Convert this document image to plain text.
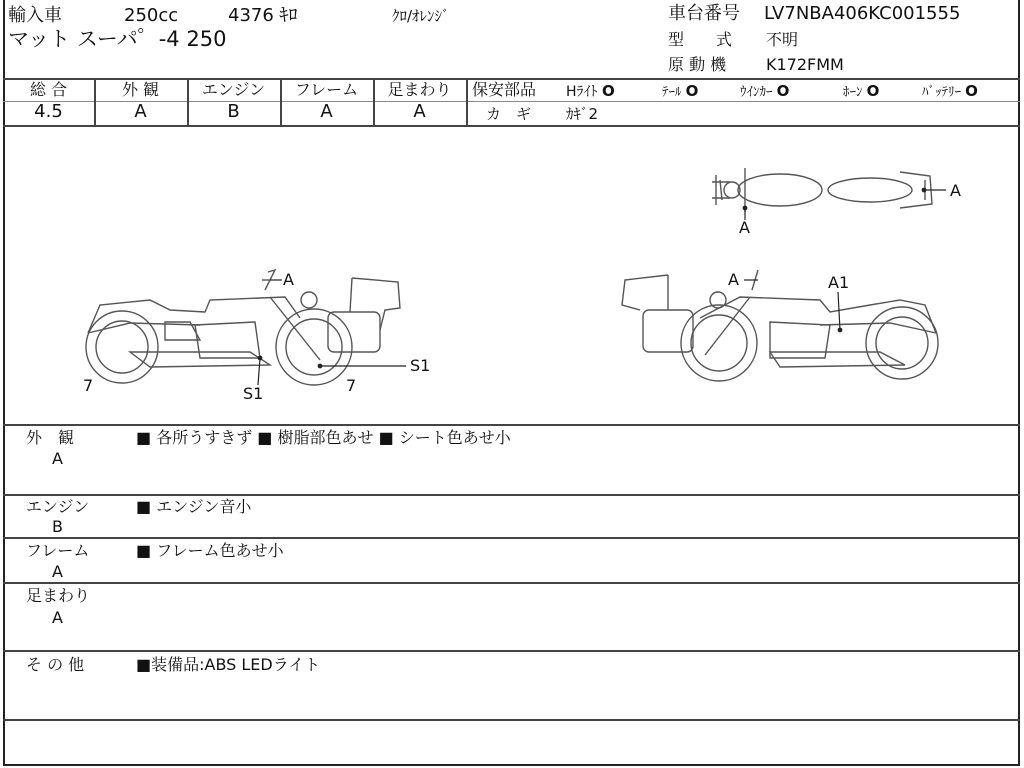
輸入車	250cc	4376 ｷﾛ	ｸﾛ/ｵﾚﾝｼﾞ
マット スーパ゜-4 250
車台番号 LV7NBA406KC001555
型　　式 不明
原 動 機 K172FMM
総 合	外 観	エンジン	フレーム	足まわり
4.5	A	B	A	A
保安部品 Hﾗｲﾄ O	ﾃｰﾙ O	ｳｲﾝｶｰ O	ﾎｰﾝ O	ﾊﾞｯﾃﾘｰ O
カ　ギ ｶｷﾞ2
A
A
A
S1
7	7
S1
A	A1
外　観
A
■ 各所うすきず ■ 樹脂部色あせ ■ シート色あせ小
エンジン
B
■ エンジン音小
フレーム
A
■ フレーム色あせ小
足まわり
A
そ の 他	■装備品:ABS LEDライト
